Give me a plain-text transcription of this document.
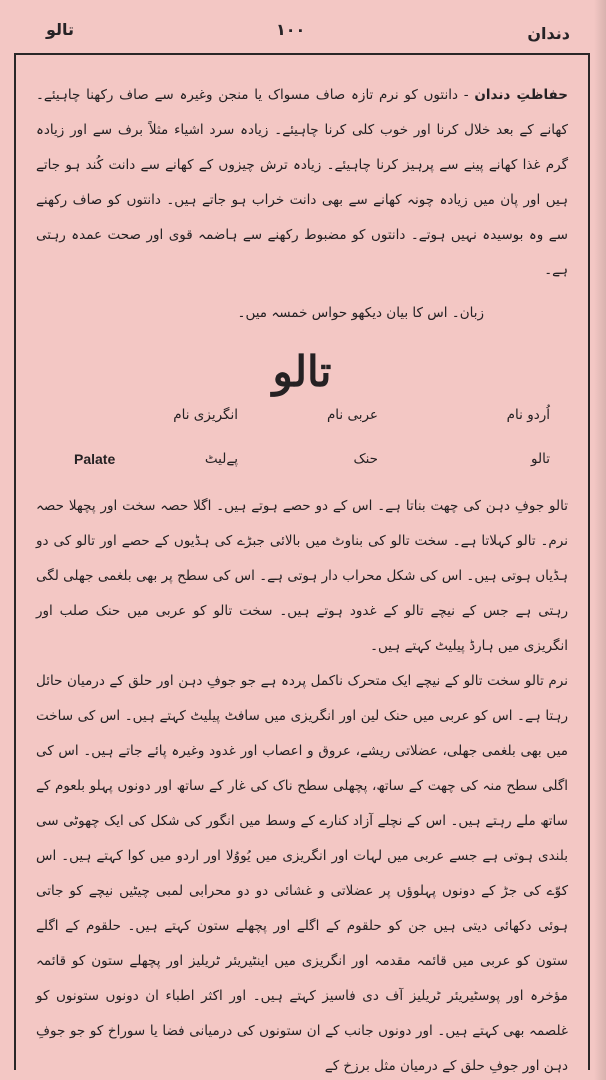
تالو	۱۰۰	دندان

حفاظتِ دندان - دانتوں کو نرم تازہ صاف مسواک یا منجن وغیرہ سے صاف رکھنا چاہیئے۔ کھانے کے بعد خلال کرنا اور خوب کلی کرنا چاہیئے۔ زیادہ سرد اشیاء مثلاً برف سے اور زیادہ گرم غذا کھانے پینے سے پرہیز کرنا چاہیئے۔ زیادہ ترش چیزوں کے کھانے سے دانت کُند ہو جاتے ہیں اور پان میں زیادہ چونہ کھانے سے بھی دانت خراب ہو جاتے ہیں۔ دانتوں کو صاف رکھنے سے وہ بوسیدہ نہیں ہوتے۔ دانتوں کو مضبوط رکھنے سے ہاضمہ قوی اور صحت عمدہ رہتی ہے۔

زبان۔ اس کا بیان دیکھو حواس خمسہ میں۔

تالو
اُردو نام
عربی نام
انگریزی نام
تالو
حنک
پےلیٹ
Palate

تالو جوفِ دہن کی چھت بناتا ہے۔ اس کے دو حصے ہوتے ہیں۔ اگلا حصہ سخت اور پچھلا حصہ نرم۔ تالو کہلاتا ہے۔ سخت تالو کی بناوٹ میں بالائی جبڑے کی ہڈیوں کے حصے اور تالو کی دو ہڈیاں ہوتی ہیں۔ اس کی شکل محراب دار ہوتی ہے۔ اس کی سطح پر بھی بلغمی جھلی لگی رہتی ہے جس کے نیچے تالو کے غدود ہوتے ہیں۔ سخت تالو کو عربی میں حنک صلب اور انگریزی میں ہارڈ پیلیٹ کہتے ہیں۔

نرم تالو سخت تالو کے نیچے ایک متحرک ناکمل پردہ ہے جو جوفِ دہن اور حلق کے درمیان حائل رہتا ہے۔ اس کو عربی میں حنک لین اور انگریزی میں سافٹ پیلیٹ کہتے ہیں۔ اس کی ساخت میں بھی بلغمی جھلی، عضلاتی ریشے، عروق و اعصاب اور غدود وغیرہ پائے جاتے ہیں۔ اس کی اگلی سطح منہ کی چھت کے ساتھ، پچھلی سطح ناک کی غار کے ساتھ اور دونوں پہلو بلعوم کے ساتھ ملے رہتے ہیں۔ اس کے نچلے آزاد کنارے کے وسط میں انگور کی شکل کی ایک چھوٹی سی بلندی ہوتی ہے جسے عربی میں لہات اور انگریزی میں یُووُلا اور اردو میں کوا کہتے ہیں۔ اس کوّے کی جڑ کے دونوں پہلوؤں پر عضلاتی و غشائی دو دو محرابی لمبی چیٹیں نیچے کو جاتی ہوئی دکھائی دیتی ہیں جن کو حلقوم کے اگلے اور پچھلے ستون کہتے ہیں۔ حلقوم کے اگلے ستون کو عربی میں قائمہ مقدمہ اور انگریزی میں اینٹیریئر ٹریلیز اور پچھلے ستون کو قائمہ مؤخرہ اور پوسٹیریئر ٹریلیز آف دی فاسیز کہتے ہیں۔ اور اکثر اطباء ان دونوں ستونوں کو غلصمہ بھی کہتے ہیں۔ اور دونوں جانب کے ان ستونوں کی درمیانی فضا یا سوراخ کو جو جوفِ دہن اور جوفِ حلق کے درمیان مثل برزخ کے
